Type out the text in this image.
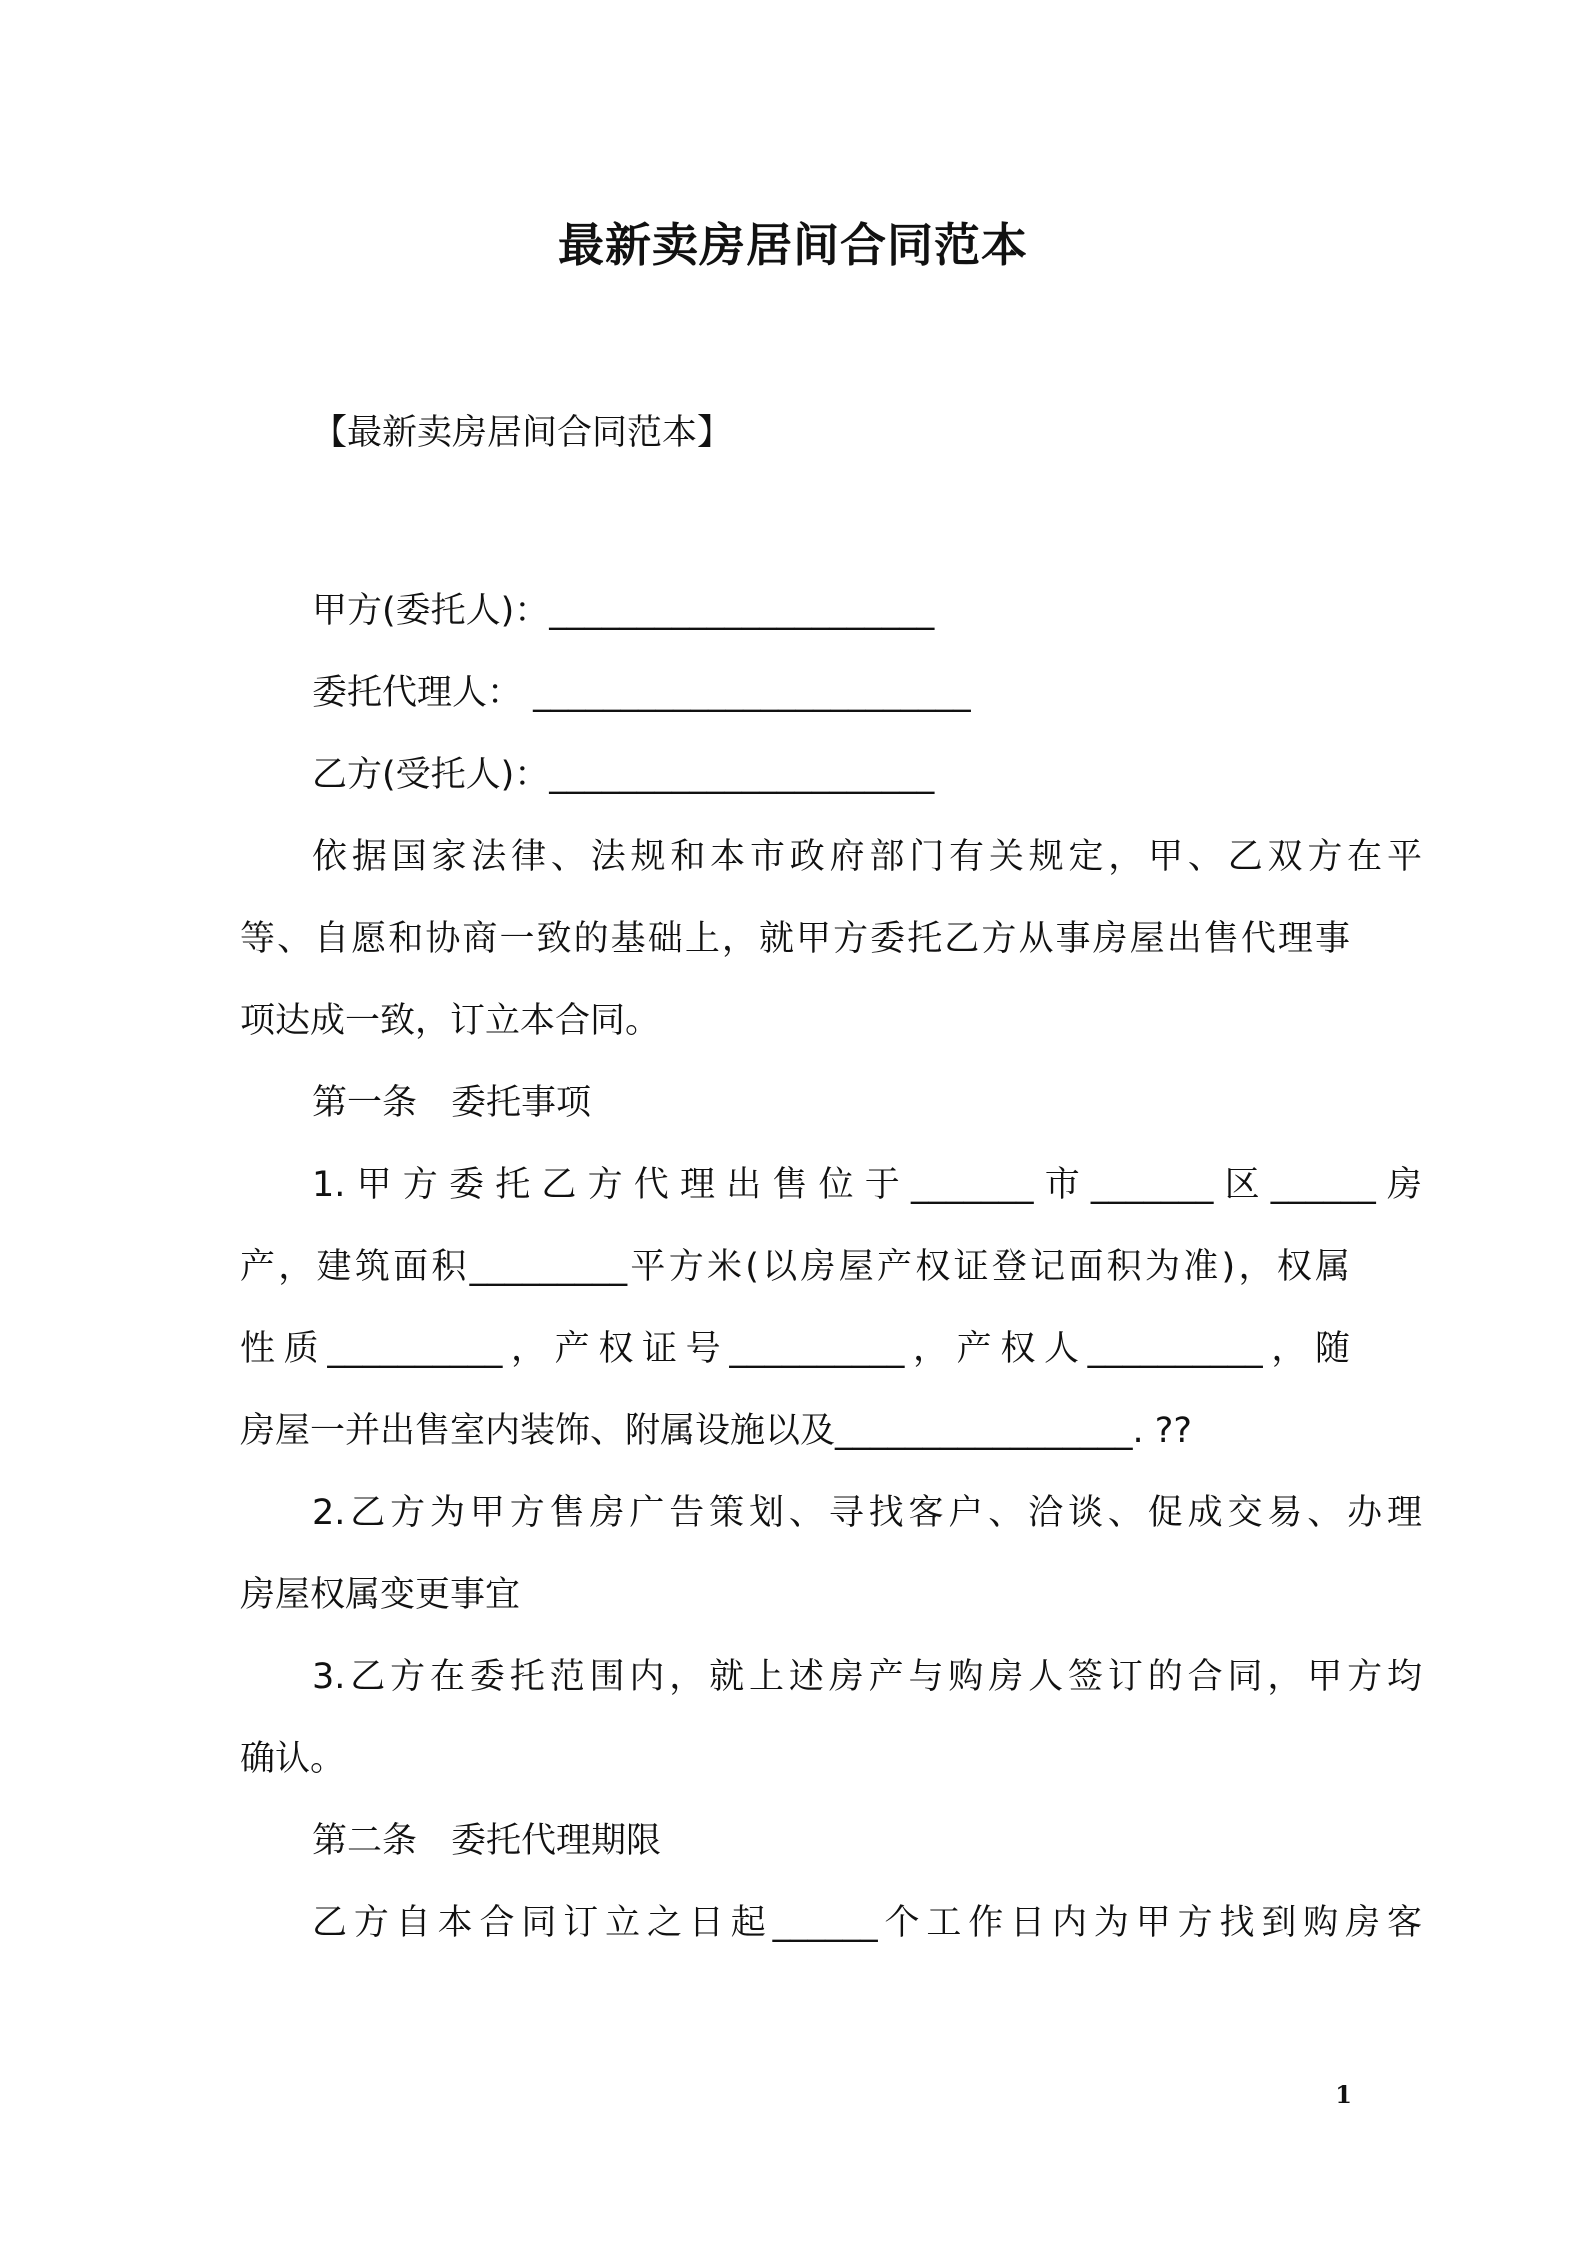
最新卖房居间合同范本
【最新卖房居间合同范本】
甲方(委托人)：______________________
委托代理人： _________________________
乙方(受托人)：______________________
依据国家法律、法规和本市政府部门有关规定，甲、乙双方在平
等、自愿和协商一致的基础上，就甲方委托乙方从事房屋出售代理事
项达成一致，订立本合同。
第一条 委托事项
1.甲方委托乙方代理出售位于_______市_______区______房
产，建筑面积_________平方米(以房屋产权证登记面积为准)，权属
性质__________，产权证号__________，产权人__________，随
房屋一并出售室内装饰、附属设施以及_________________. ??
2.乙方为甲方售房广告策划、寻找客户、洽谈、促成交易、办理
房屋权属变更事宜
3.乙方在委托范围内，就上述房产与购房人签订的合同，甲方均
确认。
第二条 委托代理期限
乙方自本合同订立之日起______个工作日内为甲方找到购房客
1
